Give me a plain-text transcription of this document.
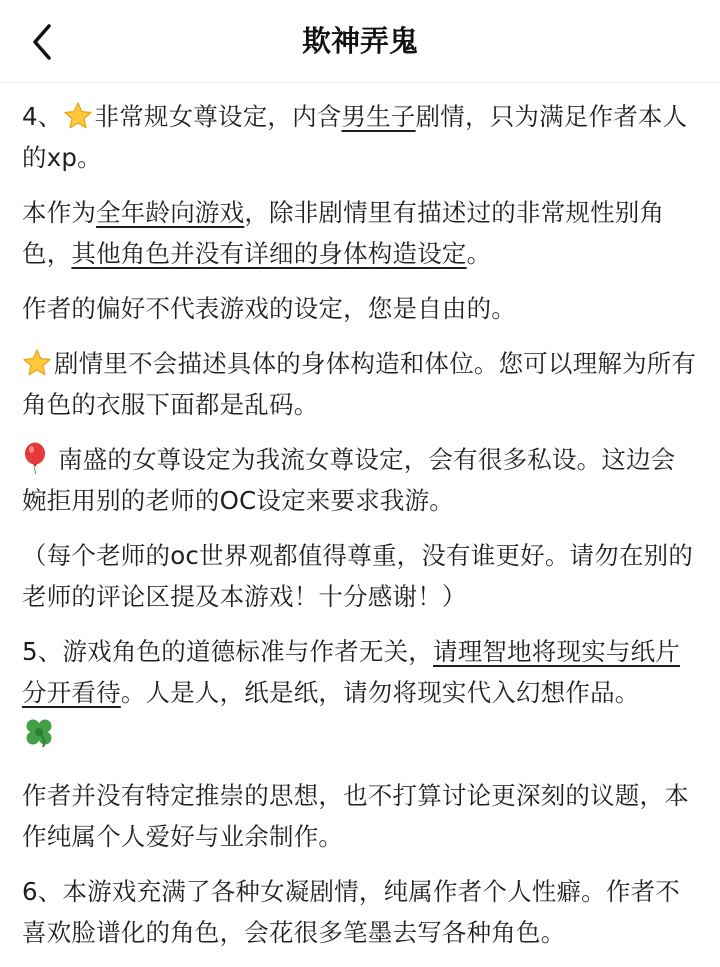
欺神弄鬼

4、 非常规女尊设定，内含男生子剧情，只为满足作者本人的xp。

本作为全年龄向游戏，除非剧情里有描述过的非常规性别角色，其他角色并没有详细的身体构造设定。

作者的偏好不代表游戏的设定，您是自由的。

剧情里不会描述具体的身体构造和体位。您可以理解为所有角色的衣服下面都是乱码。

南盛的女尊设定为我流女尊设定，会有很多私设。这边会婉拒用别的老师的OC设定来要求我游。

（每个老师的oc世界观都值得尊重，没有谁更好。请勿在别的老师的评论区提及本游戏！十分感谢！）

5、游戏角色的道德标准与作者无关，请理智地将现实与纸片分开看待。人是人，纸是纸，请勿将现实代入幻想作品。

作者并没有特定推崇的思想，也不打算讨论更深刻的议题，本作纯属个人爱好与业余制作。

6、本游戏充满了各种女凝剧情，纯属作者个人性癖。作者不喜欢脸谱化的角色，会花很多笔墨去写各种角色。
